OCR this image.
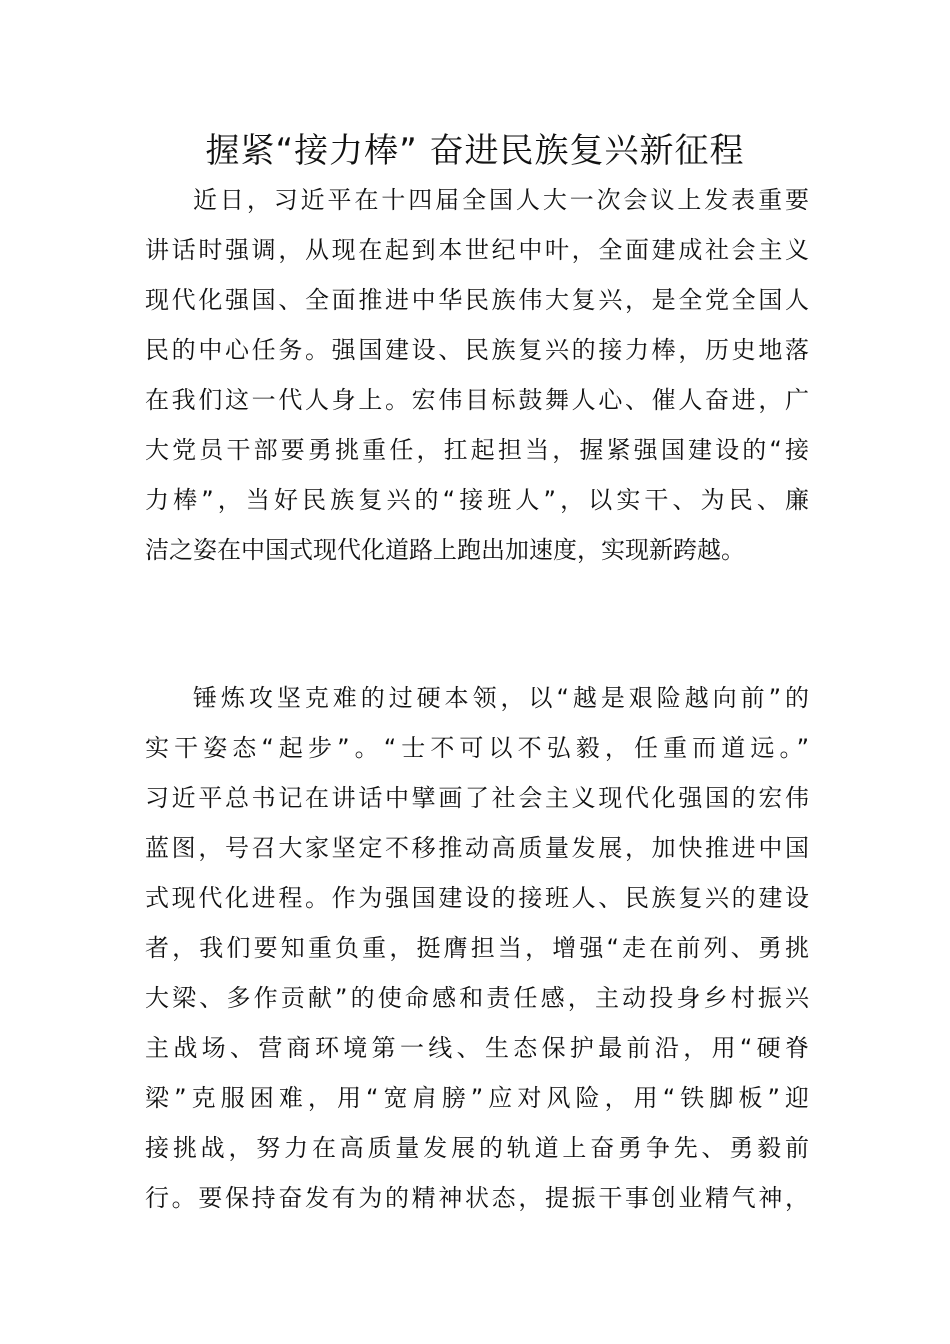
握紧“接力棒” 奋进民族复兴新征程
近日，习近平在十四届全国人大一次会议上发表重要
讲话时强调，从现在起到本世纪中叶，全面建成社会主义
现代化强国、全面推进中华民族伟大复兴，是全党全国人
民的中心任务。强国建设、民族复兴的接力棒，历史地落
在我们这一代人身上。宏伟目标鼓舞人心、催人奋进，广
大党员干部要勇挑重任，扛起担当，握紧强国建设的“接
力棒”，当好民族复兴的“接班人”，以实干、为民、廉
洁之姿在中国式现代化道路上跑出加速度，实现新跨越。
锤炼攻坚克难的过硬本领，以“越是艰险越向前”的
实干姿态“起步”。“士不可以不弘毅，任重而道远。”
习近平总书记在讲话中擘画了社会主义现代化强国的宏伟
蓝图，号召大家坚定不移推动高质量发展，加快推进中国
式现代化进程。作为强国建设的接班人、民族复兴的建设
者，我们要知重负重，挺膺担当，增强“走在前列、勇挑
大梁、多作贡献”的使命感和责任感，主动投身乡村振兴
主战场、营商环境第一线、生态保护最前沿，用“硬脊
梁”克服困难，用“宽肩膀”应对风险，用“铁脚板”迎
接挑战，努力在高质量发展的轨道上奋勇争先、勇毅前
行。要保持奋发有为的精神状态，提振干事创业精气神，
